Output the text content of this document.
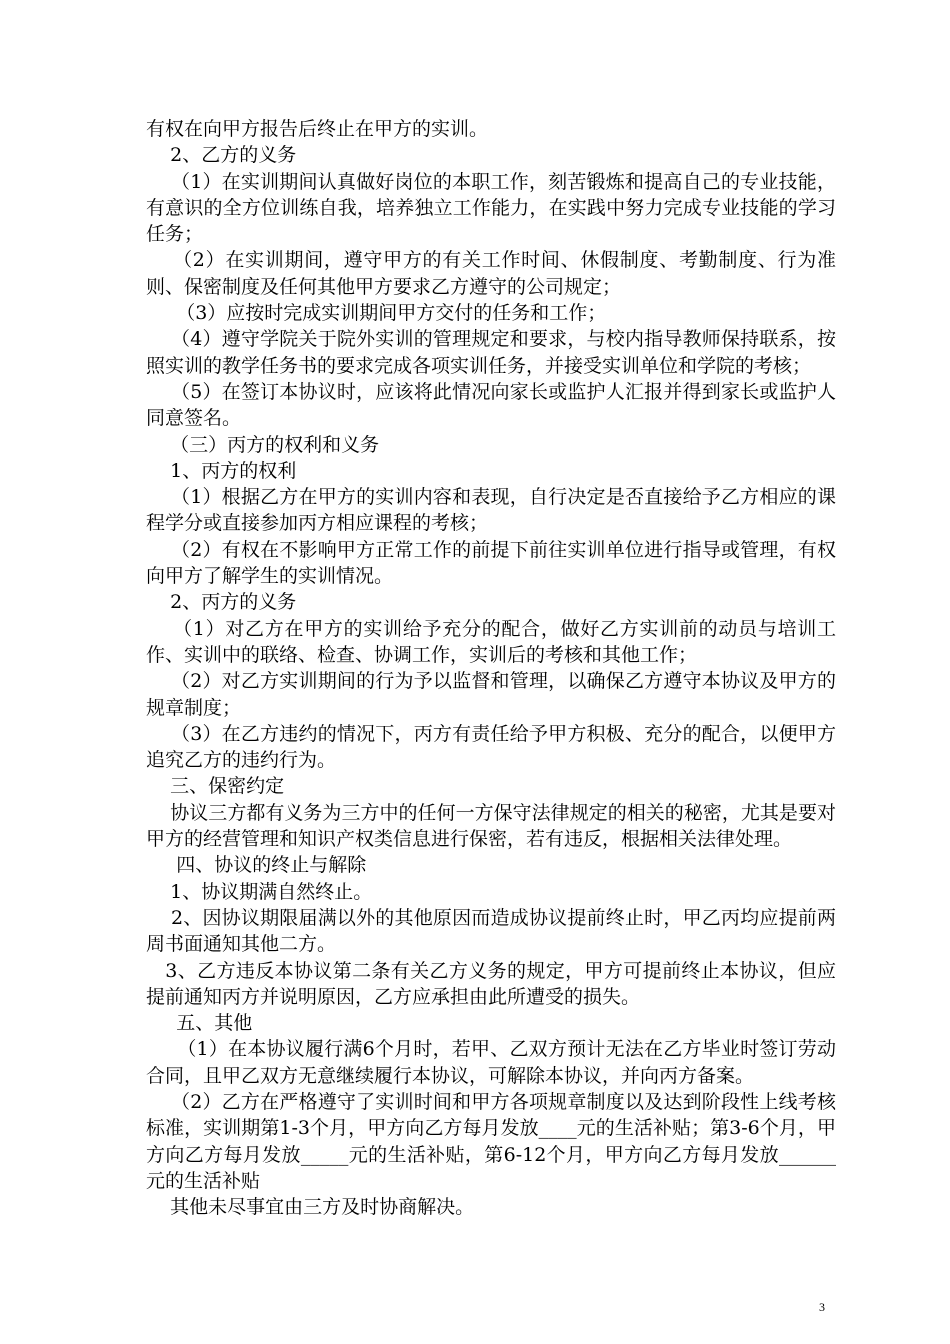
有权在向甲方报告后终止在甲方的实训。

2、乙方的义务

（1）在实训期间认真做好岗位的本职工作，刻苦锻炼和提高自己的专业技能，有意识的全方位训练自我，培养独立工作能力，在实践中努力完成专业技能的学习任务；

（2）在实训期间，遵守甲方的有关工作时间、休假制度、考勤制度、行为准则、保密制度及任何其他甲方要求乙方遵守的公司规定；

（3）应按时完成实训期间甲方交付的任务和工作；

（4）遵守学院关于院外实训的管理规定和要求，与校内指导教师保持联系，按照实训的教学任务书的要求完成各项实训任务，并接受实训单位和学院的考核；

（5）在签订本协议时，应该将此情况向家长或监护人汇报并得到家长或监护人同意签名。

（三）丙方的权利和义务

1、丙方的权利

（1）根据乙方在甲方的实训内容和表现，自行决定是否直接给予乙方相应的课程学分或直接参加丙方相应课程的考核；

（2）有权在不影响甲方正常工作的前提下前往实训单位进行指导或管理，有权向甲方了解学生的实训情况。

2、丙方的义务

（1）对乙方在甲方的实训给予充分的配合，做好乙方实训前的动员与培训工作、实训中的联络、检查、协调工作，实训后的考核和其他工作；

（2）对乙方实训期间的行为予以监督和管理，以确保乙方遵守本协议及甲方的规章制度；

（3）在乙方违约的情况下，丙方有责任给予甲方积极、充分的配合，以便甲方追究乙方的违约行为。

三、保密约定

协议三方都有义务为三方中的任何一方保守法律规定的相关的秘密，尤其是要对甲方的经营管理和知识产权类信息进行保密，若有违反，根据相关法律处理。

四、协议的终止与解除

1、协议期满自然终止。

2、因协议期限届满以外的其他原因而造成协议提前终止时，甲乙丙均应提前两周书面通知其他二方。

3、乙方违反本协议第二条有关乙方义务的规定，甲方可提前终止本协议，但应提前通知丙方并说明原因，乙方应承担由此所遭受的损失。

五、其他

（1）在本协议履行满6个月时，若甲、乙双方预计无法在乙方毕业时签订劳动合同，且甲乙双方无意继续履行本协议，可解除本协议，并向丙方备案。

（2）乙方在严格遵守了实训时间和甲方各项规章制度以及达到阶段性上线考核标准，实训期第1-3个月，甲方向乙方每月发放____元的生活补贴；第3-6个月，甲方向乙方每月发放_____元的生活补贴，第6-12个月，甲方向乙方每月发放______元的生活补贴

其他未尽事宜由三方及时协商解决。

3
